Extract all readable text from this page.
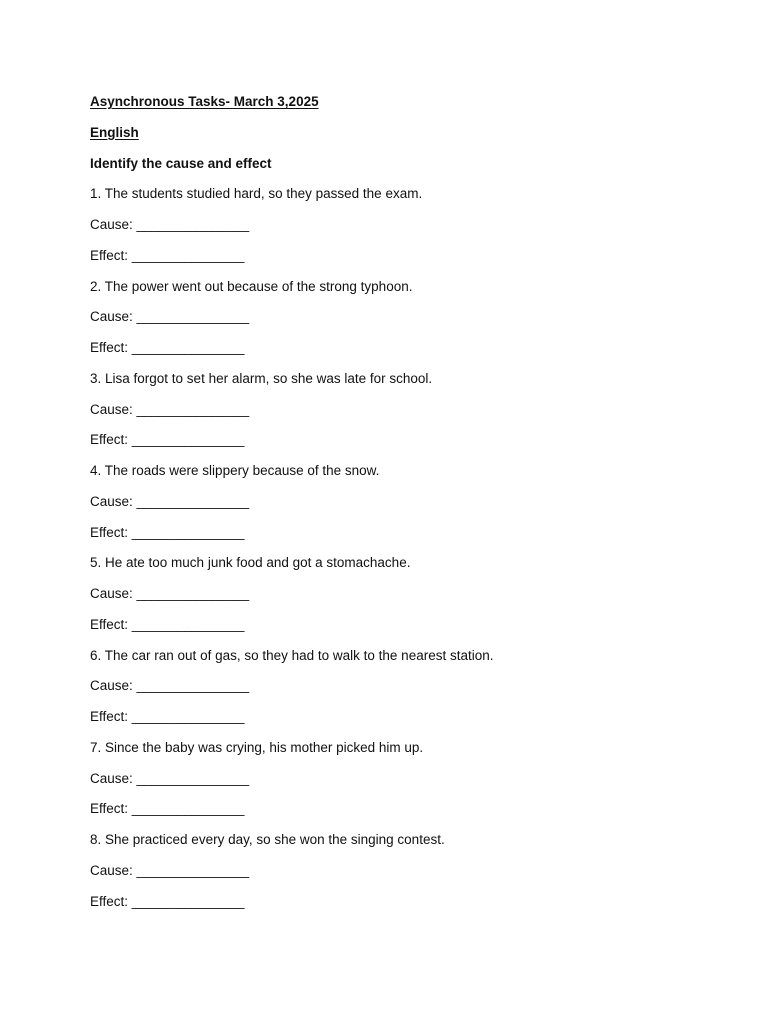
Asynchronous Tasks- March 3,2025
English
Identify the cause and effect
1. The students studied hard, so they passed the exam.
Cause: _______________
Effect: _______________
2. The power went out because of the strong typhoon.
Cause: _______________
Effect: _______________
3. Lisa forgot to set her alarm, so she was late for school.
Cause: _______________
Effect: _______________
4. The roads were slippery because of the snow.
Cause: _______________
Effect: _______________
5. He ate too much junk food and got a stomachache.
Cause: _______________
Effect: _______________
6. The car ran out of gas, so they had to walk to the nearest station.
Cause: _______________
Effect: _______________
7. Since the baby was crying, his mother picked him up.
Cause: _______________
Effect: _______________
8. She practiced every day, so she won the singing contest.
Cause: _______________
Effect: _______________
